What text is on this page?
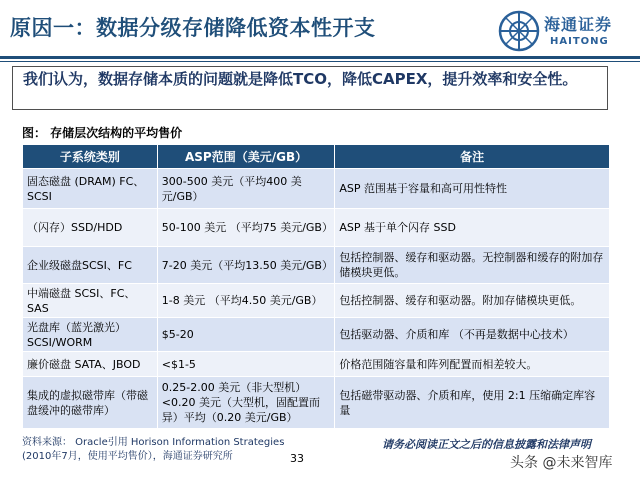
原因一：数据分级存储降低资本性开支	海通证券
HAITONG
我们认为，数据存储本质的问题就是降低TCO，降低CAPEX，提升效率和安全性。
图： 存储层次结构的平均售价
子系统类别	ASP范围（美元/GB）	备注
固态磁盘 (DRAM) FC、SCSI	300-500 美元（平均400 美元/GB）	ASP 范围基于容量和高可用性特性
（闪存）SSD/HDD	50-100 美元 （平均75 美元/GB）	ASP 基于单个闪存 SSD
企业级磁盘SCSI、FC	7-20 美元（平均13.50 美元/GB）	包括控制器、缓存和驱动器。无控制器和缓存的附加存储模块更低。
中端磁盘 SCSI、FC、SAS	1-8 美元 （平均4.50 美元/GB）	包括控制器、缓存和驱动器。附加存储模块更低。
光盘库（蓝光激光）SCSI/WORM	$5-20	包括驱动器、介质和库 （不再是数据中心技术）
廉价磁盘 SATA、JBOD	<$1-5	价格范围随容量和阵列配置而相差较大。
集成的虚拟磁带库（带磁盘缓冲的磁带库）	0.25-2.00 美元（非大型机） <0.20 美元（大型机，固配置而异）平均（0.20 美元/GB）	包括磁带驱动器、介质和库，使用 2:1 压缩确定库容量
资料来源： Oracle引用 Horison Information Strategies
(2010年7月，使用平均售价），海通证券研究所	33
请务必阅读正文之后的信息披露和法律声明
头条 @未来智库
